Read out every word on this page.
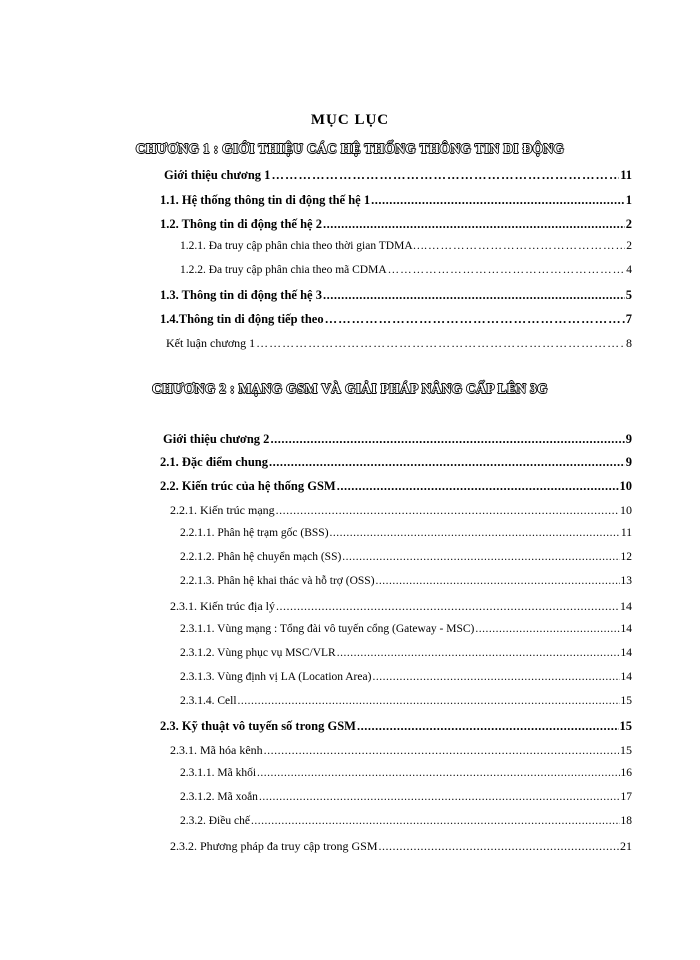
MỤC LỤC
CHƯƠNG 1 : GIỚI THIỆU CÁC HỆ THỐNG THÔNG TIN DI ĐỘNG
Giới thiệu chương 1 ……………………………………………………………………………………………………………………………………	11
1.1. Hệ thống thông tin di động thế hệ 1 .....	1
1.2. Thông tin di động thế hệ 2 .....	2
1.2.1. Đa truy cập phân chia theo thời gian TDMA…. ……………………………………………………………………………………………………………………………………	2
1.2.2. Đa truy cập phân chia theo mã CDMA ……………………………………………………………………………………………………………………………………	4
1.3. Thông tin di động thế hệ 3 .....	5
1.4.Thông tin di động tiếp theo ……………………………………………………………………………………………………………………………………	7
Kết luận chương 1 ……………………………………………………………………………………………………………………………………	8
CHƯƠNG 2 : MẠNG GSM VÀ GIẢI PHÁP NÂNG CẤP LÊN 3G
Giới thiệu chương 2 .....	9
2.1. Đặc điểm chung .....	9
2.2. Kiến trúc của hệ thống GSM .....	10
2.2.1. Kiến trúc mạng .....	10
2.2.1.1. Phân hệ trạm gốc (BSS) .....	11
2.2.1.2. Phân hệ chuyển mạch (SS) .....	12
2.2.1.3. Phân hệ khai thác và hỗ trợ (OSS) .....	13
2.3.1. Kiến trúc địa lý .....	14
2.3.1.1. Vùng mạng : Tổng đài vô tuyến cổng (Gateway - MSC) .....	14
2.3.1.2. Vùng phục vụ MSC/VLR .....	14
2.3.1.3. Vùng định vị LA (Location Area) .....	14
2.3.1.4. Cell .....	15
2.3. Kỹ thuật vô tuyến số trong GSM .....	15
2.3.1. Mã hóa kênh .....	15
2.3.1.1. Mã khối .....	16
2.3.1.2. Mã xoắn .....	17
2.3.2. Điều chế .....	18
2.3.2. Phương pháp đa truy cập trong GSM .....	21
